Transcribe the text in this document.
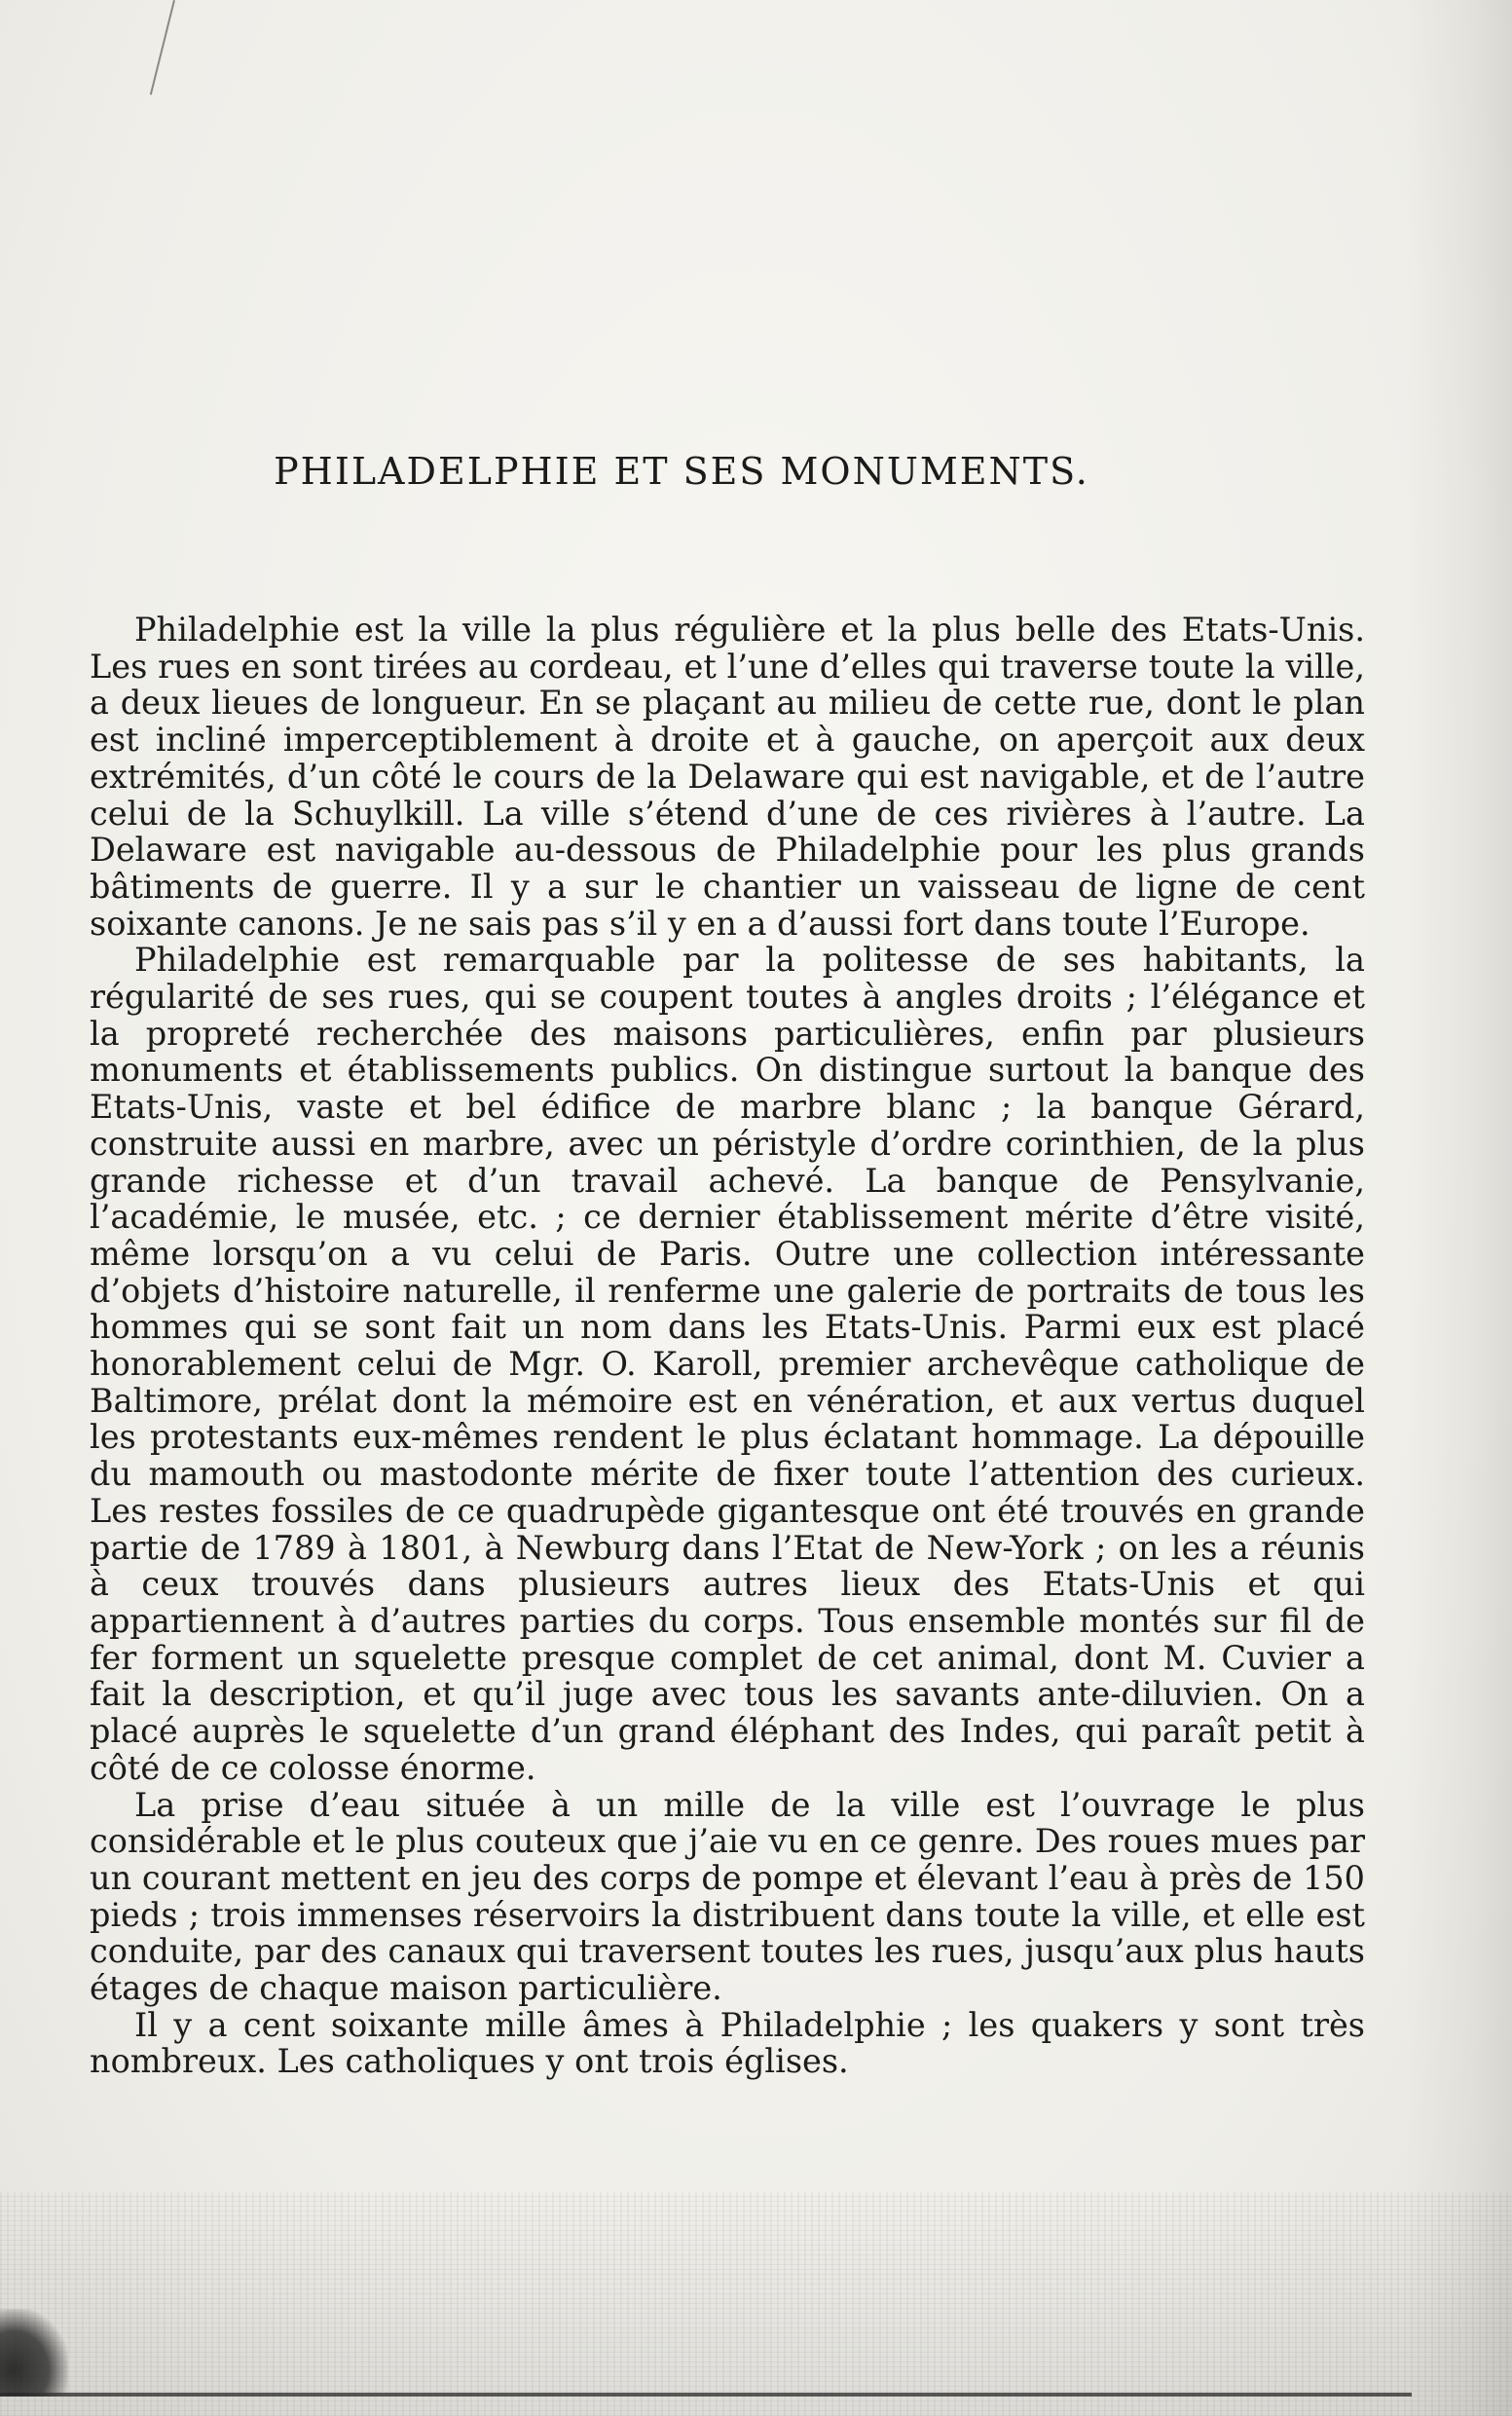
PHILADELPHIE ET SES MONUMENTS.

Philadelphie est la ville la plus régulière et la plus belle des Etats-Unis. Les rues en sont tirées au cordeau, et l’une d’elles qui traverse toute la ville, a deux lieues de longueur. En se plaçant au milieu de cette rue, dont le plan est incliné imperceptiblement à droite et à gauche, on aperçoit aux deux extrémités, d’un côté le cours de la Delaware qui est navigable, et de l’autre celui de la Schuylkill. La ville s’étend d’une de ces rivières à l’autre. La Delaware est navigable au-dessous de Philadelphie pour les plus grands bâtiments de guerre. Il y a sur le chantier un vaisseau de ligne de cent soixante canons. Je ne sais pas s’il y en a d’aussi fort dans toute l’Europe.

Philadelphie est remarquable par la politesse de ses habitants, la régularité de ses rues, qui se coupent toutes à angles droits ; l’élégance et la propreté recherchée des maisons particulières, enfin par plusieurs monuments et établissements publics. On distingue surtout la banque des Etats-Unis, vaste et bel édifice de marbre blanc ; la banque Gérard, construite aussi en marbre, avec un péristyle d’ordre corinthien, de la plus grande richesse et d’un travail achevé. La banque de Pensylvanie, l’académie, le musée, etc. ; ce dernier établissement mérite d’être visité, même lorsqu’on a vu celui de Paris. Outre une collection intéressante d’objets d’histoire naturelle, il renferme une galerie de portraits de tous les hommes qui se sont fait un nom dans les Etats-Unis. Parmi eux est placé honorablement celui de Mgr. O. Karoll, premier archevêque catholique de Baltimore, prélat dont la mémoire est en vénération, et aux vertus duquel les protestants eux-mêmes rendent le plus éclatant hommage. La dépouille du mamouth ou mastodonte mérite de fixer toute l’attention des curieux. Les restes fossiles de ce quadrupède gigantesque ont été trouvés en grande partie de 1789 à 1801, à Newburg dans l’Etat de New-York ; on les a réunis à ceux trouvés dans plusieurs autres lieux des Etats-Unis et qui appartiennent à d’autres parties du corps. Tous ensemble montés sur fil de fer forment un squelette presque complet de cet animal, dont M. Cuvier a fait la description, et qu’il juge avec tous les savants ante-diluvien. On a placé auprès le squelette d’un grand éléphant des Indes, qui paraît petit à côté de ce colosse énorme.

La prise d’eau située à un mille de la ville est l’ouvrage le plus considérable et le plus couteux que j’aie vu en ce genre. Des roues mues par un courant mettent en jeu des corps de pompe et élevant l’eau à près de 150 pieds ; trois immenses réservoirs la distribuent dans toute la ville, et elle est conduite, par des canaux qui traversent toutes les rues, jusqu’aux plus hauts étages de chaque maison particulière.

Il y a cent soixante mille âmes à Philadelphie ; les quakers y sont très nombreux. Les catholiques y ont trois églises.
